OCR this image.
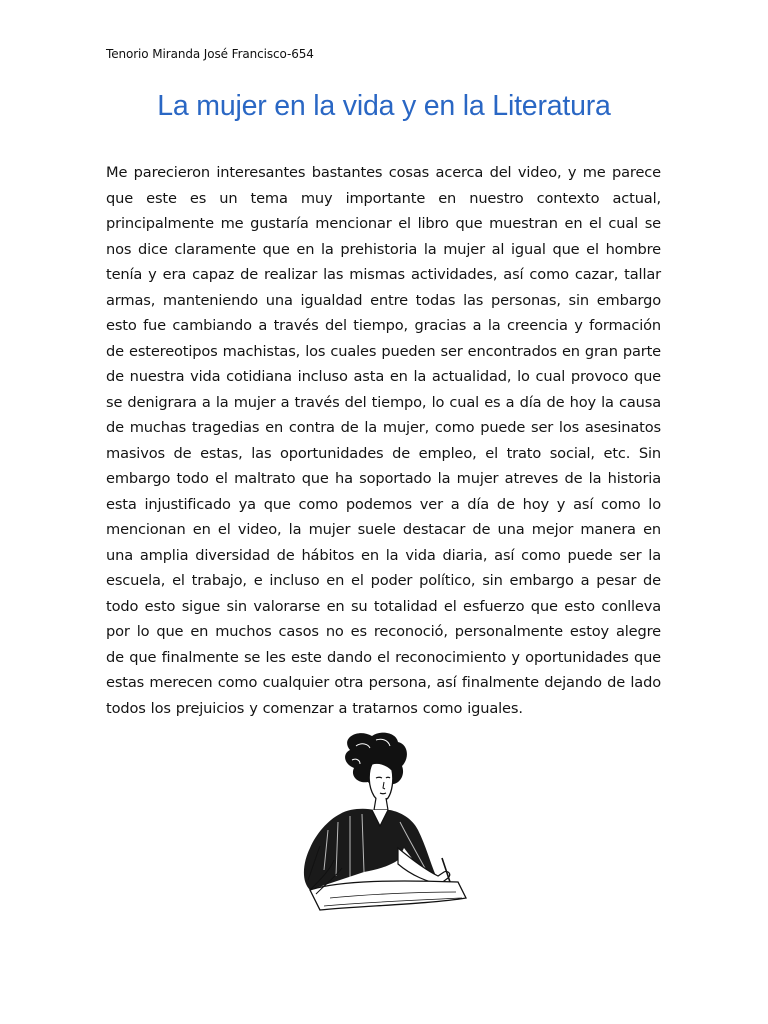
Tenorio Miranda José Francisco-654
La mujer en la vida y en la Literatura
Me parecieron interesantes bastantes cosas acerca del video, y me parece que este es un tema muy importante en nuestro contexto actual, principalmente me gustaría mencionar el libro que muestran en el cual se nos dice claramente que en la prehistoria la mujer al igual que el hombre tenía y era capaz de realizar las mismas actividades, así como cazar, tallar armas, manteniendo una igualdad entre todas las personas, sin embargo esto fue cambiando a través del tiempo, gracias a la creencia y formación de estereotipos machistas, los cuales pueden ser encontrados en gran parte de nuestra vida cotidiana incluso asta en la actualidad, lo cual provoco que se denigrara a la mujer a través del tiempo, lo cual es a día de hoy la causa de muchas tragedias en contra de la mujer, como puede ser los asesinatos masivos de estas, las oportunidades de empleo, el trato social, etc. Sin embargo todo el maltrato que ha soportado la mujer atreves de la historia esta injustificado ya que como podemos ver a día de hoy y así como lo mencionan en el video, la mujer suele destacar de una mejor manera en una amplia diversidad de hábitos en la vida diaria, así como puede ser la escuela, el trabajo, e incluso en el poder político, sin embargo a pesar de todo esto sigue sin valorarse en su totalidad el esfuerzo que esto conlleva por lo que en muchos casos no es reconoció, personalmente estoy alegre de que finalmente se les este dando el reconocimiento y oportunidades que estas merecen como cualquier otra persona, así finalmente dejando de lado todos los prejuicios y comenzar a tratarnos como iguales.
